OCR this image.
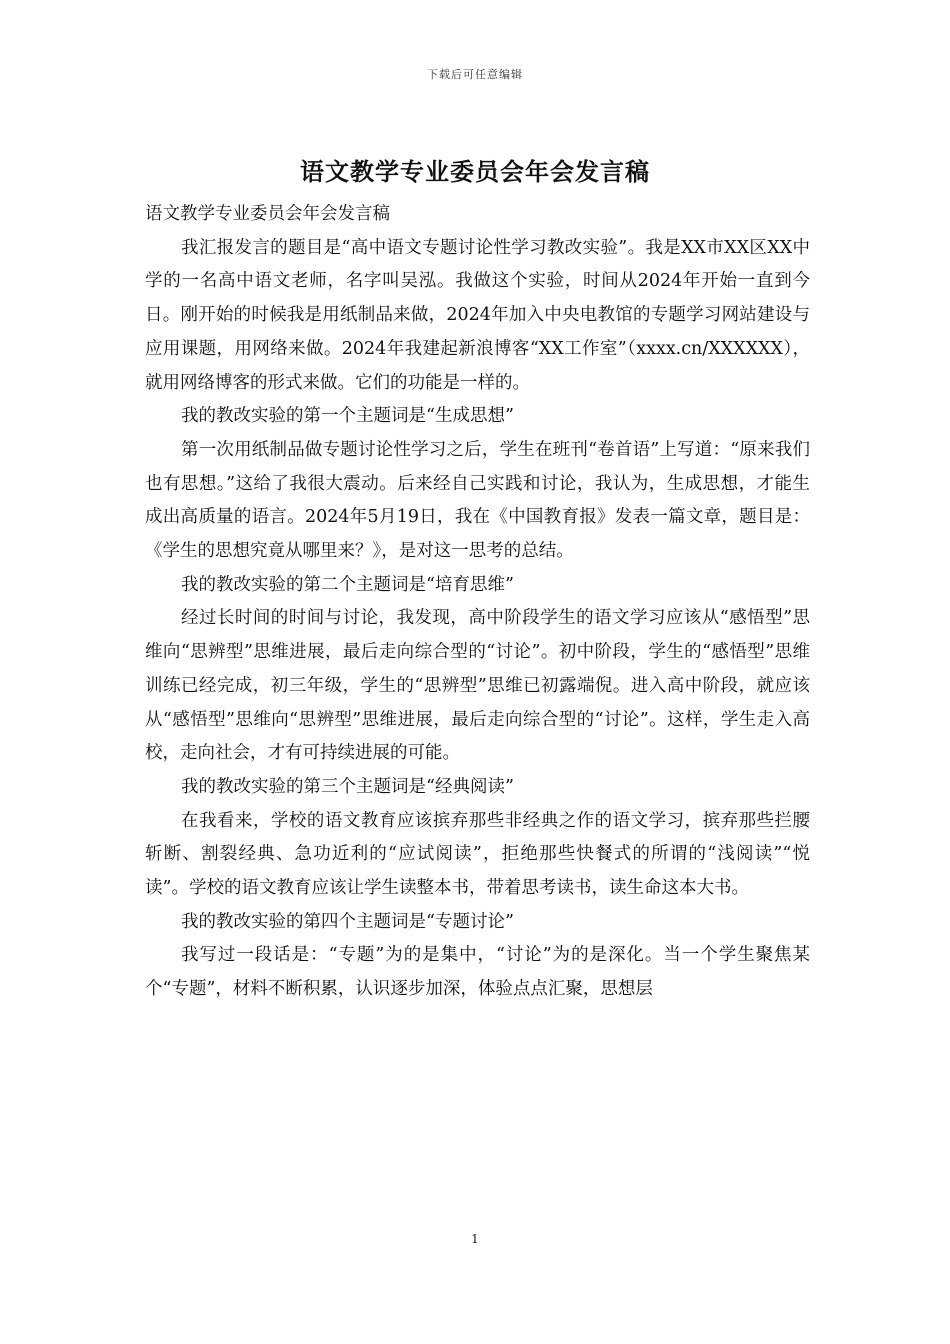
下载后可任意编辑
语文教学专业委员会年会发言稿

语文教学专业委员会年会发言稿

我汇报发言的题目是“高中语文专题讨论性学习教改实验”。我是XX市XX区XX中学的一名高中语文老师，名字叫吴泓。我做这个实验，时间从2024年开始一直到今日。刚开始的时候我是用纸制品来做，2024年加入中央电教馆的专题学习网站建设与应用课题，用网络来做。2024年我建起新浪博客“XX工作室”（xxxx.cn/XXXXXX），就用网络博客的形式来做。它们的功能是一样的。

我的教改实验的第一个主题词是“生成思想”

第一次用纸制品做专题讨论性学习之后，学生在班刊“卷首语”上写道：“原来我们也有思想。”这给了我很大震动。后来经自己实践和讨论，我认为，生成思想，才能生成出高质量的语言。2024年5月19日，我在《中国教育报》发表一篇文章，题目是：《学生的思想究竟从哪里来？》，是对这一思考的总结。

我的教改实验的第二个主题词是“培育思维”

经过长时间的时间与讨论，我发现，高中阶段学生的语文学习应该从“感悟型”思维向“思辨型”思维进展，最后走向综合型的“讨论”。初中阶段，学生的“感悟型”思维训练已经完成，初三年级，学生的“思辨型”思维已初露端倪。进入高中阶段，就应该从“感悟型”思维向“思辨型”思维进展，最后走向综合型的“讨论”。这样，学生走入高校，走向社会，才有可持续进展的可能。

我的教改实验的第三个主题词是“经典阅读”

在我看来，学校的语文教育应该摈弃那些非经典之作的语文学习，摈弃那些拦腰斩断、割裂经典、急功近利的“应试阅读”，拒绝那些快餐式的所谓的“浅阅读”“悦读”。学校的语文教育应该让学生读整本书，带着思考读书，读生命这本大书。

我的教改实验的第四个主题词是“专题讨论”

我写过一段话是：“专题”为的是集中，“讨论”为的是深化。当一个学生聚焦某个“专题”，材料不断积累，认识逐步加深，体验点点汇聚，思想层

1
